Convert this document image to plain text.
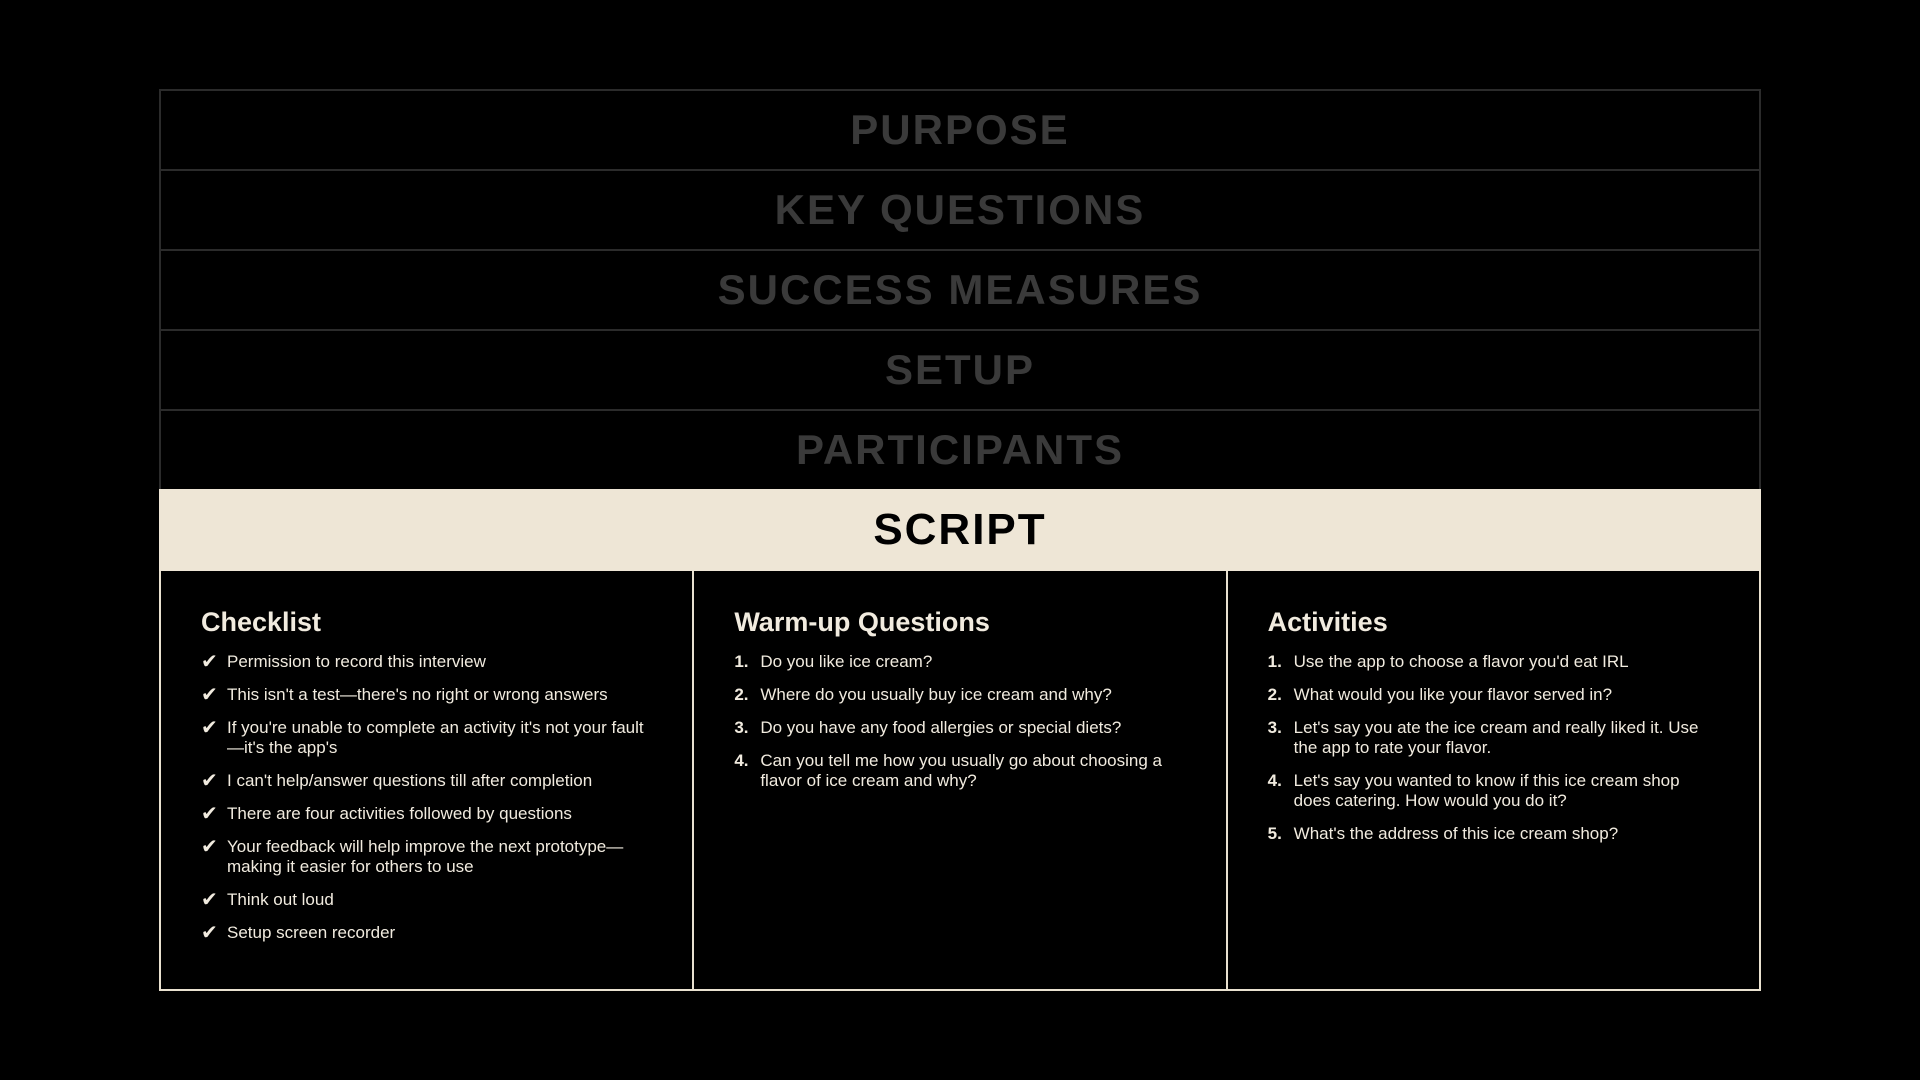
PURPOSE
KEY QUESTIONS
SUCCESS MEASURES
SETUP
PARTICIPANTS
SCRIPT
Checklist
✔ Permission to record this interview
✔ This isn't a test—there's no right or wrong answers
✔ If you're unable to complete an activity it's not your fault—it's the app's
✔ I can't help/answer questions till after completion
✔ There are four activities followed by questions
✔ Your feedback will help improve the next prototype—making it easier for others to use
✔ Think out loud
✔ Setup screen recorder
Warm-up Questions
1. Do you like ice cream?
2. Where do you usually buy ice cream and why?
3. Do you have any food allergies or special diets?
4. Can you tell me how you usually go about choosing a flavor of ice cream and why?
Activities
1. Use the app to choose a flavor you'd eat IRL
2. What would you like your flavor served in?
3. Let's say you ate the ice cream and really liked it. Use the app to rate your flavor.
4. Let's say you wanted to know if this ice cream shop does catering. How would you do it?
5. What's the address of this ice cream shop?
